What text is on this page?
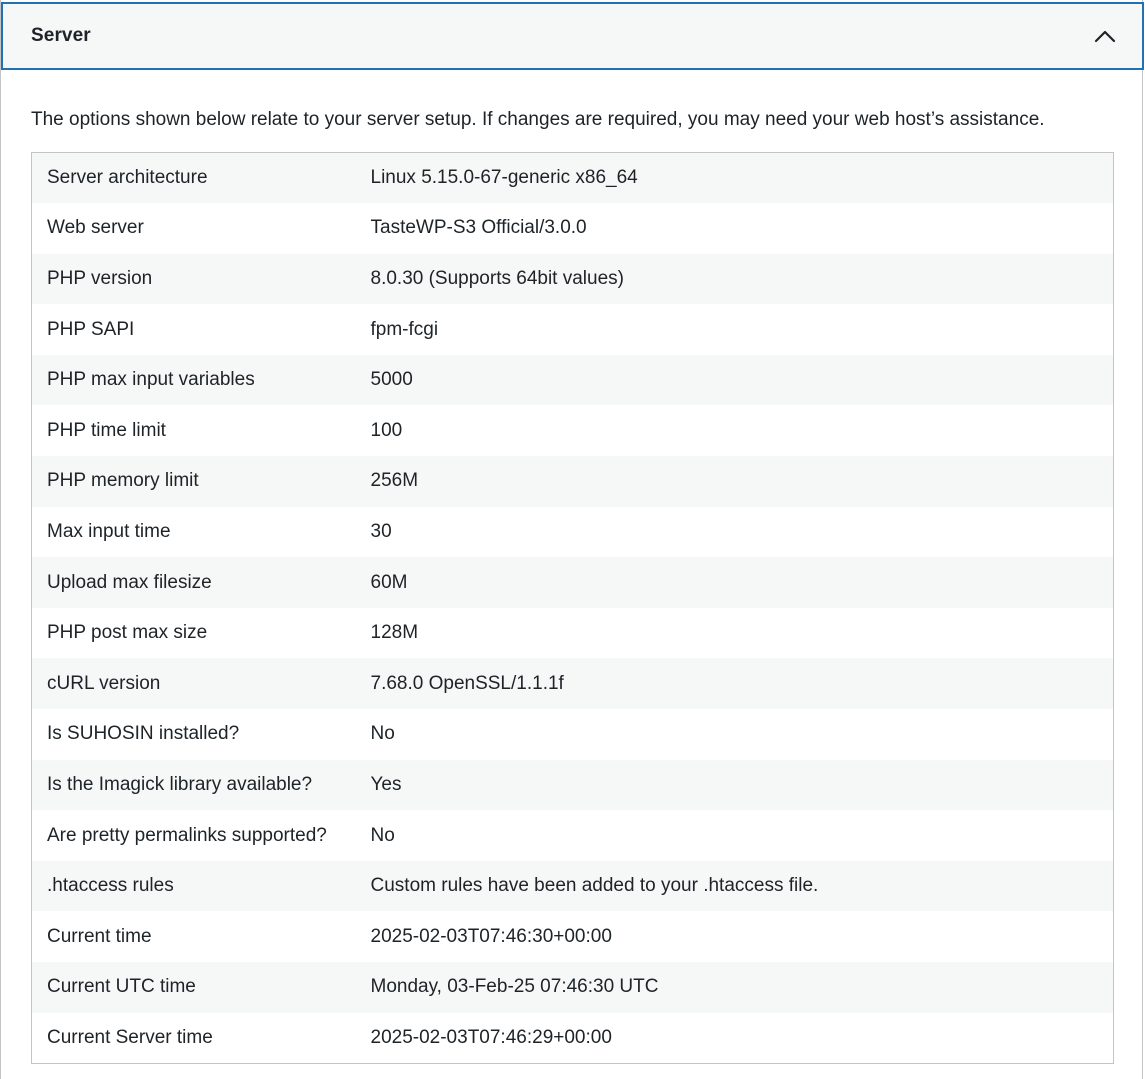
Server
The options shown below relate to your server setup. If changes are required, you may need your web host’s assistance.
Server architecture	Linux 5.15.0-67-generic x86_64
Web server	TasteWP-S3 Official/3.0.0
PHP version	8.0.30 (Supports 64bit values)
PHP SAPI	fpm-fcgi
PHP max input variables	5000
PHP time limit	100
PHP memory limit	256M
Max input time	30
Upload max filesize	60M
PHP post max size	128M
cURL version	7.68.0 OpenSSL/1.1.1f
Is SUHOSIN installed?	No
Is the Imagick library available?	Yes
Are pretty permalinks supported?	No
.htaccess rules	Custom rules have been added to your .htaccess file.
Current time	2025-02-03T07:46:30+00:00
Current UTC time	Monday, 03-Feb-25 07:46:30 UTC
Current Server time	2025-02-03T07:46:29+00:00
